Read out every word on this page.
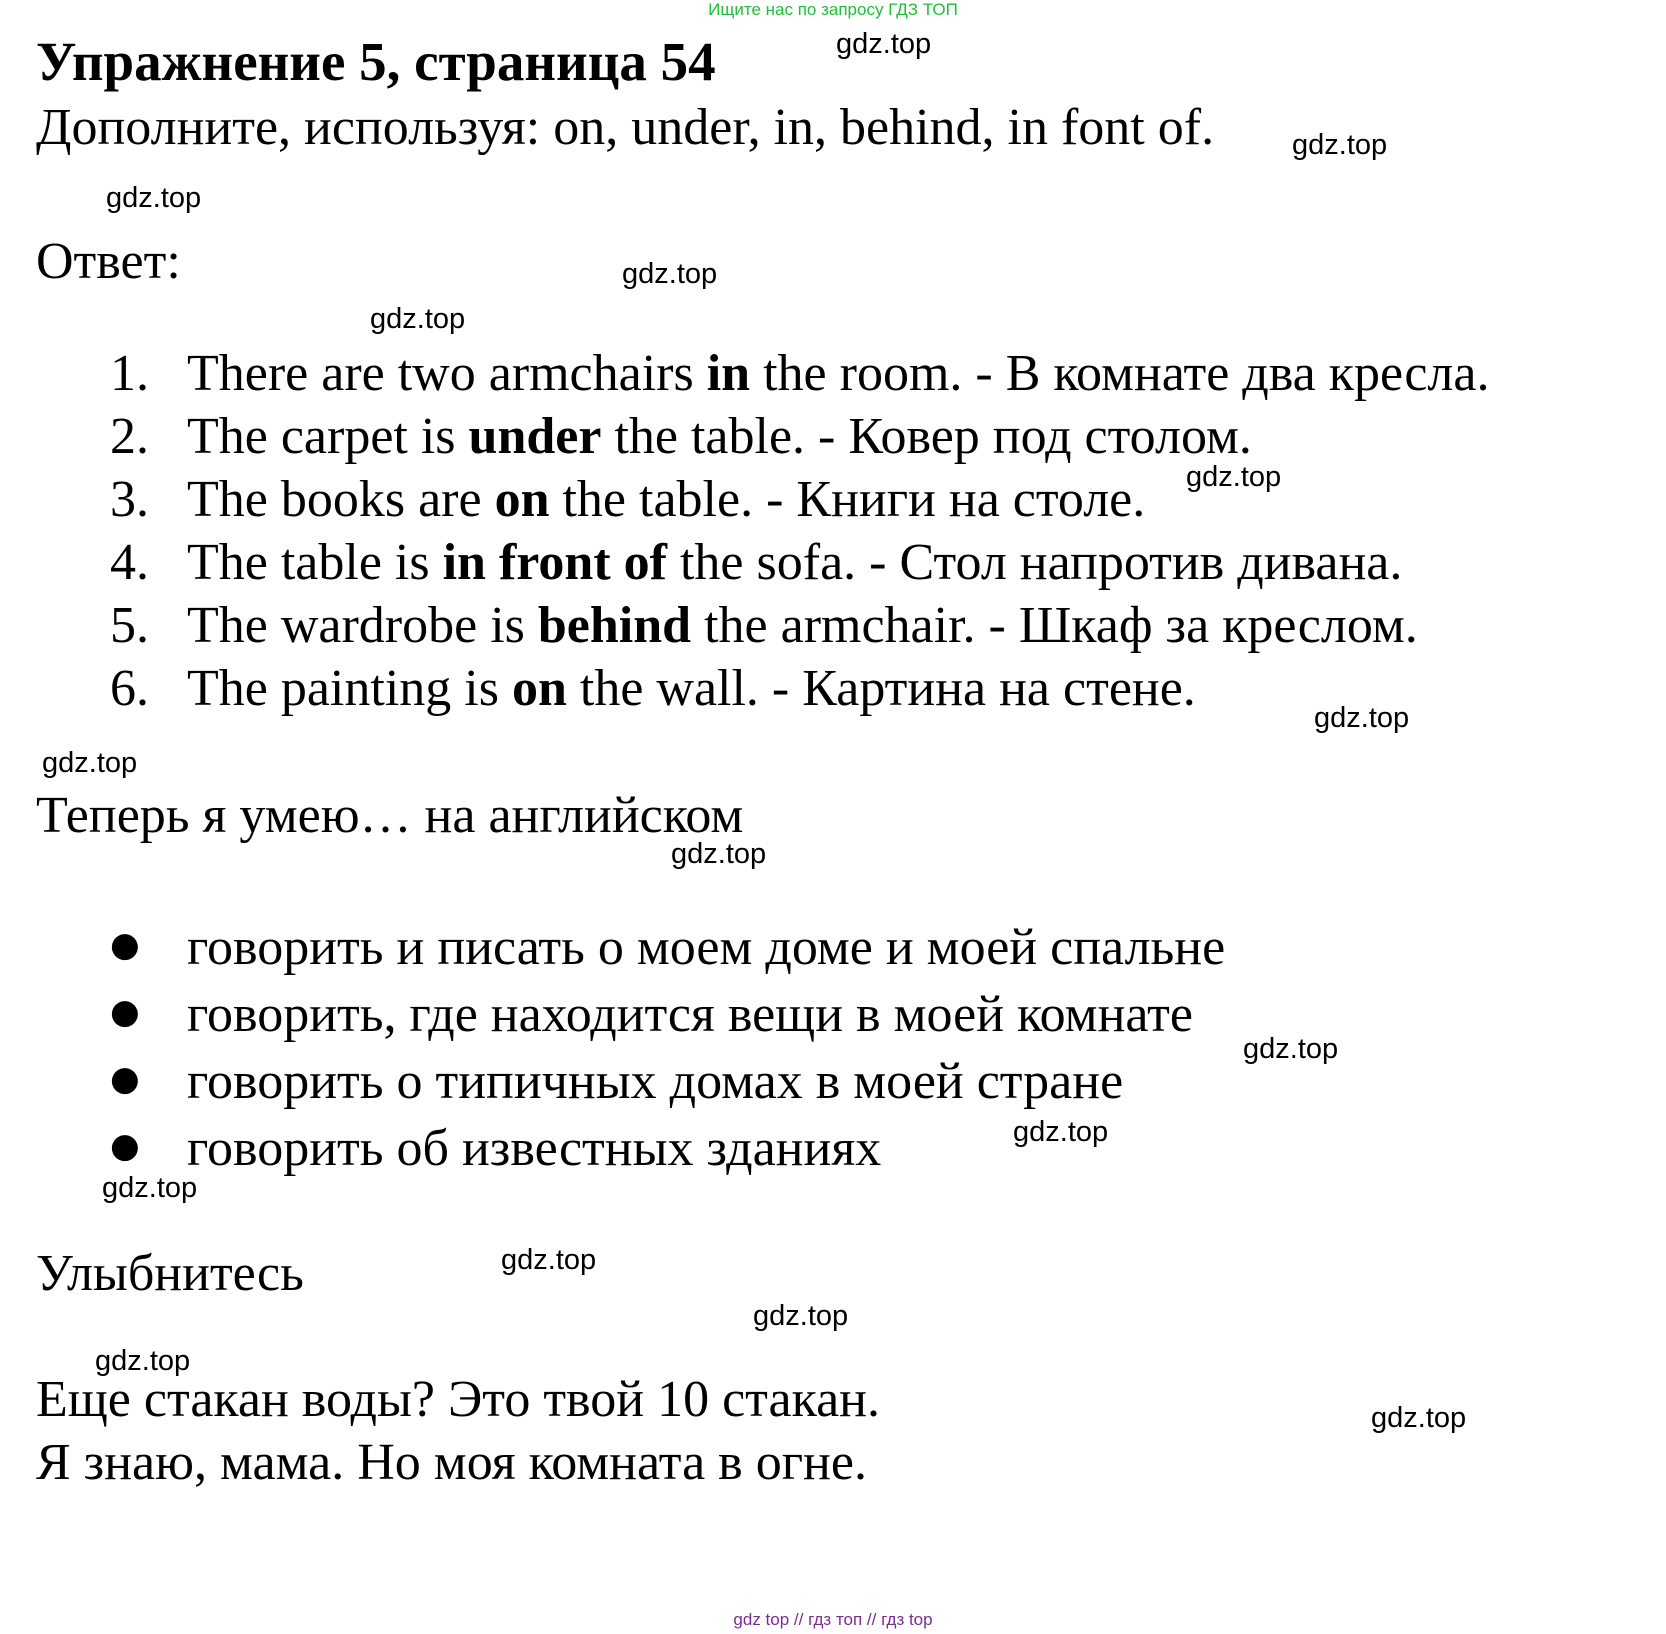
Ищите нас по запросу ГДЗ ТОП
Упражнение 5, страница 54
Дополните, используя: on, under, in, behind, in font of.
Ответ:
1. There are two armchairs in the room. - В комнате два кресла.
2. The carpet is under the table. - Ковер под столом.
3. The books are on the table. - Книги на столе.
4. The table is in front of the sofa. - Стол напротив дивана.
5. The wardrobe is behind the armchair. - Шкаф за креслом.
6. The painting is on the wall. - Картина на стене.
Теперь я умею… на английском
● говорить и писать о моем доме и моей спальне
● говорить, где находится вещи в моей комнате
● говорить о типичных домах в моей стране
● говорить об известных зданиях
Улыбнитесь
Еще стакан воды? Это твой 10 стакан.
Я знаю, мама. Но моя комната в огне.
gdz.top
gdz.top
gdz.top
gdz.top
gdz.top
gdz.top
gdz.top
gdz.top
gdz.top
gdz.top
gdz.top
gdz.top
gdz.top
gdz.top
gdz.top
gdz.top
gdz top // гдз топ // гдз top
